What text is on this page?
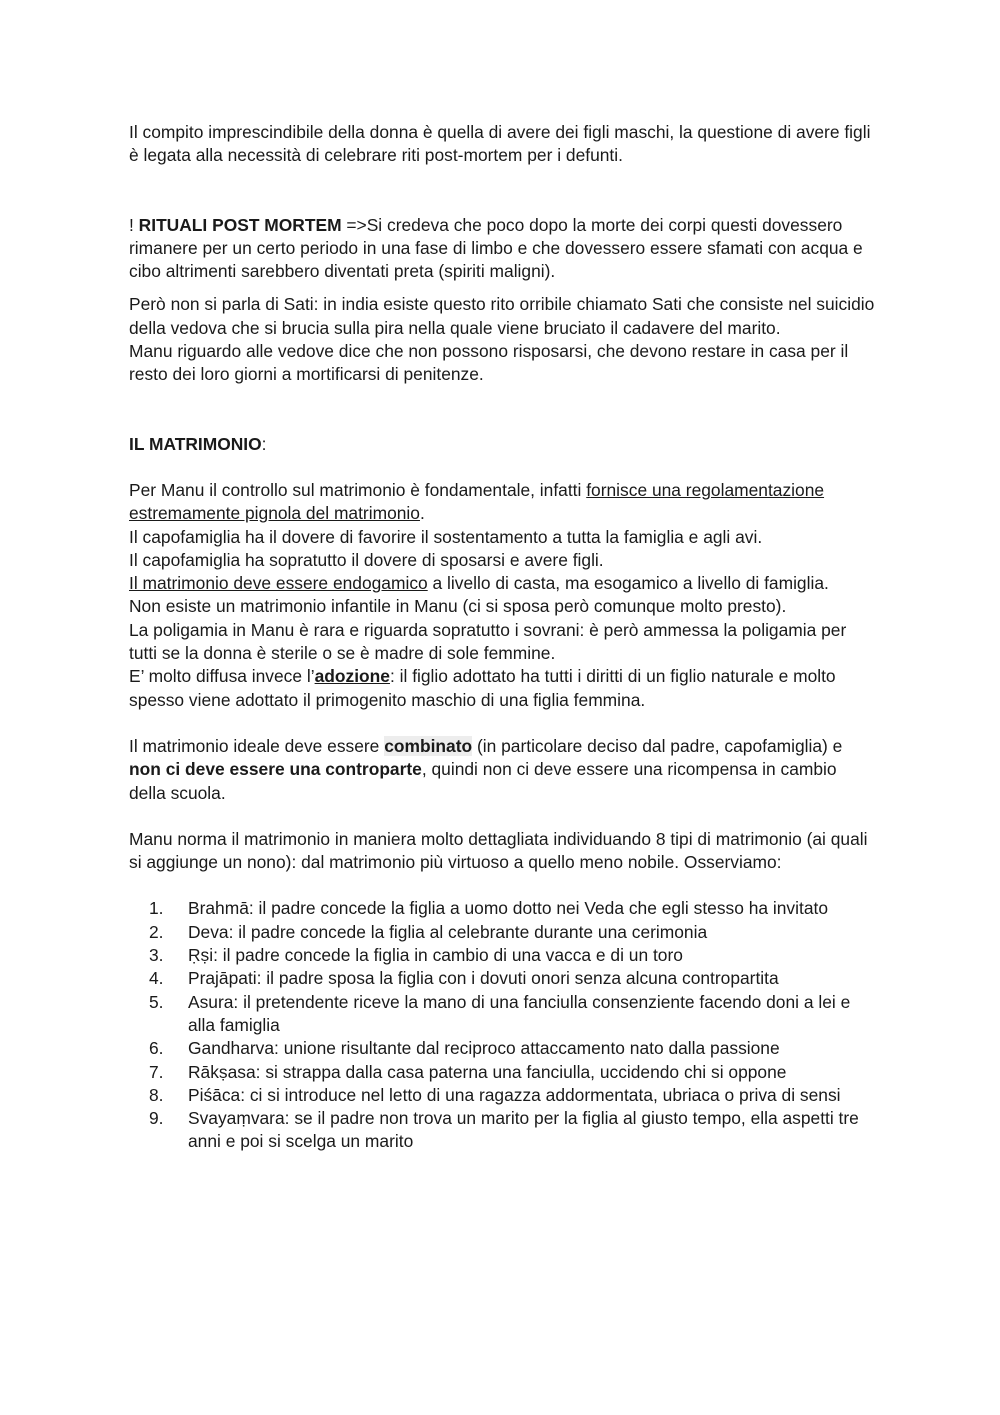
Il compito imprescindibile della donna è quella di avere dei figli maschi, la questione di avere figli è legata alla necessità di celebrare riti post-mortem per i defunti.

! RITUALI POST MORTEM =>Si credeva che poco dopo la morte dei corpi questi dovessero rimanere per un certo periodo in una fase di limbo e che dovessero essere sfamati con acqua e cibo altrimenti sarebbero diventati preta (spiriti maligni).

Però non si parla di Sati: in india esiste questo rito orribile chiamato Sati che consiste nel suicidio della vedova che si brucia sulla pira nella quale viene bruciato il cadavere del marito.

Manu riguardo alle vedove dice che non possono risposarsi, che devono restare in casa per il resto dei loro giorni a mortificarsi di penitenze.

IL MATRIMONIO:

Per Manu il controllo sul matrimonio è fondamentale, infatti fornisce una regolamentazione estremamente pignola del matrimonio.

Il capofamiglia ha il dovere di favorire il sostentamento a tutta la famiglia e agli avi.

Il capofamiglia ha sopratutto il dovere di sposarsi e avere figli.

Il matrimonio deve essere endogamico a livello di casta, ma esogamico a livello di famiglia.

Non esiste un matrimonio infantile in Manu (ci si sposa però comunque molto presto).

La poligamia in Manu è rara e riguarda sopratutto i sovrani: è però ammessa la poligamia per tutti se la donna è sterile o se è madre di sole femmine.

E’ molto diffusa invece l’adozione: il figlio adottato ha tutti i diritti di un figlio naturale e molto spesso viene adottato il primogenito maschio di una figlia femmina.

Il matrimonio ideale deve essere combinato (in particolare deciso dal padre, capofamiglia) e non ci deve essere una controparte, quindi non ci deve essere una ricompensa in cambio della scuola.

Manu norma il matrimonio in maniera molto dettagliata individuando 8 tipi di matrimonio (ai quali si aggiunge un nono): dal matrimonio più virtuoso a quello meno nobile. Osserviamo:

1. Brahmā: il padre concede la figlia a uomo dotto nei Veda che egli stesso ha invitato
2. Deva: il padre concede la figlia al celebrante durante una cerimonia
3. Ṛṣi: il padre concede la figlia in cambio di una vacca e di un toro
4. Prajāpati: il padre sposa la figlia con i dovuti onori senza alcuna contropartita
5. Asura: il pretendente riceve la mano di una fanciulla consenziente facendo doni a lei e alla famiglia
6. Gandharva: unione risultante dal reciproco attaccamento nato dalla passione
7. Rākṣasa: si strappa dalla casa paterna una fanciulla, uccidendo chi si oppone
8. Piśāca: ci si introduce nel letto di una ragazza addormentata, ubriaca o priva di sensi
9. Svayaṃvara: se il padre non trova un marito per la figlia al giusto tempo, ella aspetti tre anni e poi si scelga un marito
